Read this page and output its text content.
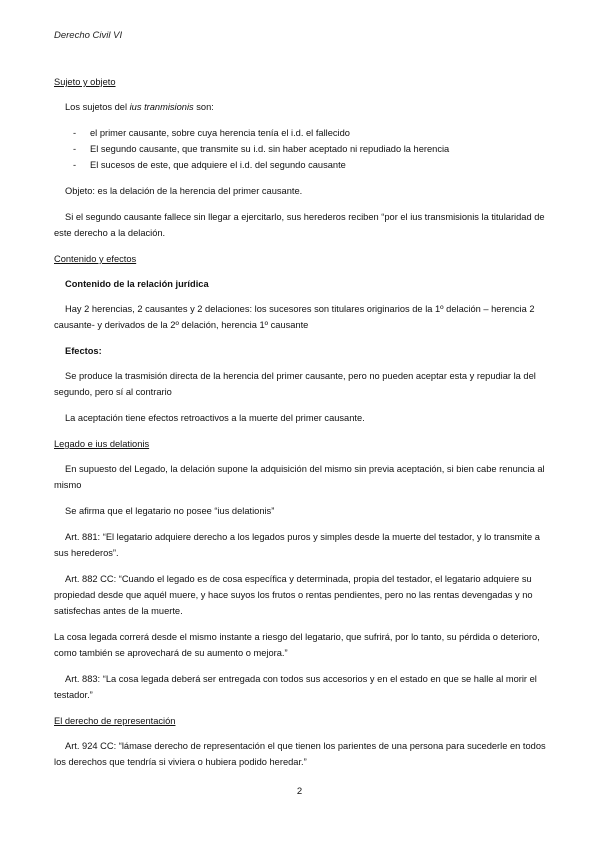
Derecho Civil VI
Sujeto y objeto

Los sujetos del ius tranmisionis son:

- el primer causante, sobre cuya herencia tenía el i.d. el fallecido
- El segundo causante, que transmite su i.d. sin haber aceptado ni repudiado la herencia
- El sucesos de este, que adquiere el i.d. del segundo causante

Objeto: es la delación de la herencia del primer causante.

Si el segundo causante fallece sin llegar a ejercitarlo, sus herederos reciben “por el ius transmisionis la titularidad de este derecho a la delación.

Contenido y efectos
Contenido de la relación jurídica

Hay 2 herencias, 2 causantes y 2 delaciones: los sucesores son titulares originarios de la 1º delación – herencia 2 causante- y derivados de la 2º delación, herencia 1º causante

Efectos:

Se produce la trasmisión directa de la herencia del primer causante, pero no pueden aceptar esta y repudiar la del segundo, pero sí al contrario

La aceptación tiene efectos retroactivos a la muerte del primer causante.

Legado e ius delationis

En supuesto del Legado, la delación supone la adquisición del mismo sin previa aceptación, si bien cabe renuncia al mismo

Se afirma que el legatario no posee “ius delationis”

Art. 881: “El legatario adquiere derecho a los legados puros y simples desde la muerte del testador, y lo transmite a sus herederos”.

Art. 882 CC: “Cuando el legado es de cosa específica y determinada, propia del testador, el legatario adquiere su propiedad desde que aquél muere, y hace suyos los frutos o rentas pendientes, pero no las rentas devengadas y no satisfechas antes de la muerte.

La cosa legada correrá desde el mismo instante a riesgo del legatario, que sufrirá, por lo tanto, su pérdida o deterioro, como también se aprovechará de su aumento o mejora.”

Art. 883: “La cosa legada deberá ser entregada con todos sus accesorios y en el estado en que se halle al morir el testador.”

El derecho de representación

Art. 924 CC: “lámase derecho de representación el que tienen los parientes de una persona para sucederle en todos los derechos que tendría si viviera o hubiera podido heredar.”

2
